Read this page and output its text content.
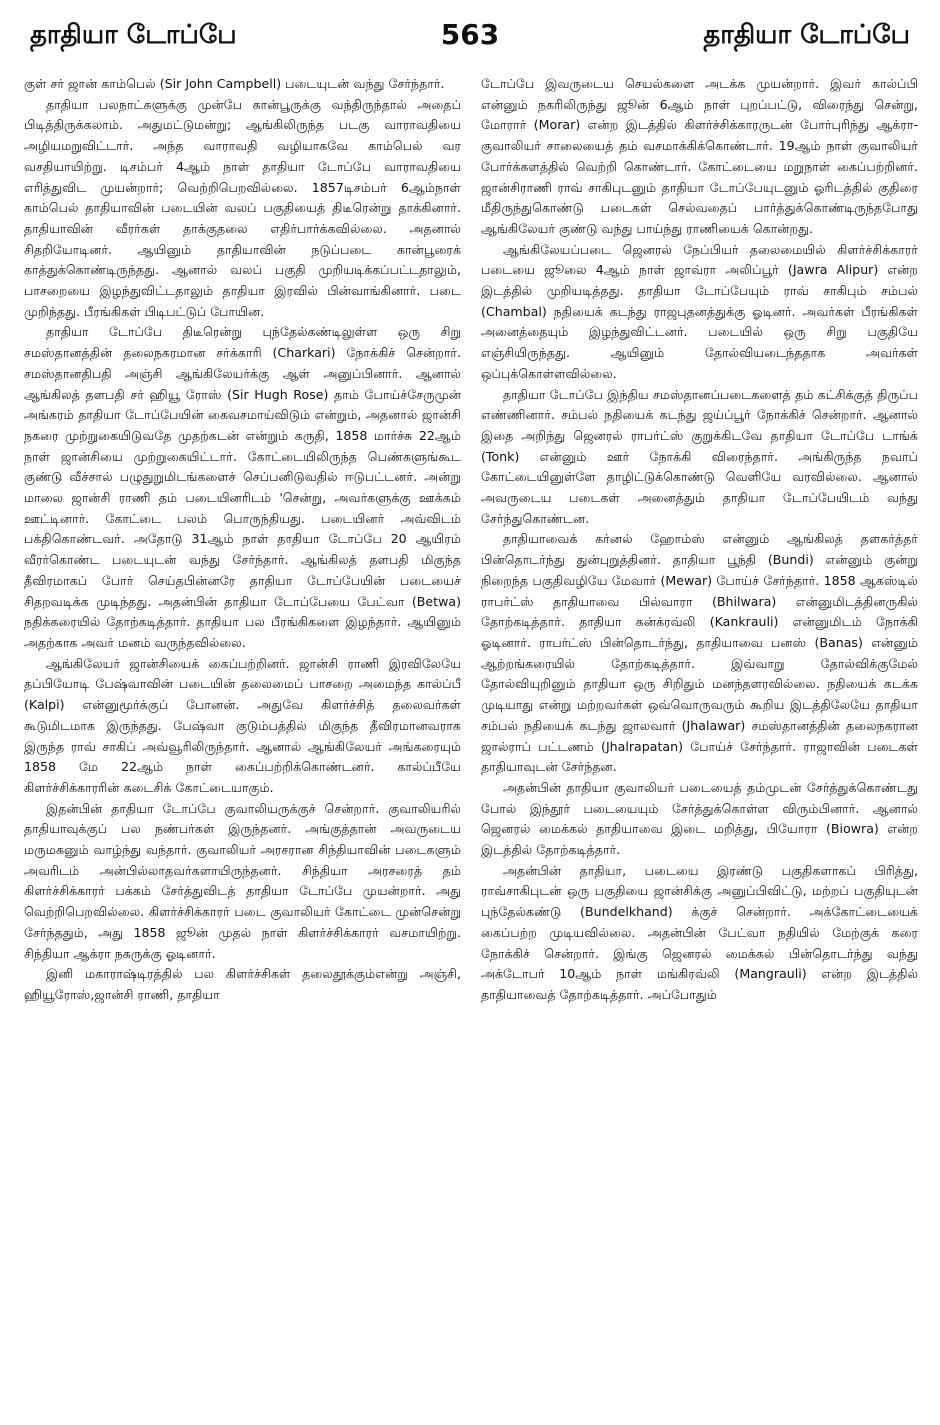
தாதியா டோப்பே	563	தாதியா டோப்பே

குள் சர் ஜான் காம்பெல் (Sir John Campbell) படையுடன் வந்து சேர்ந்தார்.

தாதியா பலநாட்களுக்கு முன்பே கான்பூருக்கு வந்திருந்தால் அதைப் பிடித்திருக்கலாம். அதுமட்டுமன்று; ஆங்கிலிருந்த படகு வாராவதியை அழியமறுவிட்டார். அந்த வாராவதி வழியாகவே காம்பெல் வர வசதியாயிற்று. டிசம்பர் 4ஆம் நாள் தாதியா டோப்பே வாராவதியை எரித்துவிட முயன்றார்; வெற்றிபெறவில்லை. 1857டிசம்பர் 6ஆம்நாள் காம்பெல் தாதியாவின் படையின் வலப் பகுதியைத் திடீரென்று தாக்கினார். தாதியாவின் வீரர்கள் தாக்குதலை எதிர்பார்க்கவில்லை. அதனால் சிதறியோடினர். ஆயினும் தாதியாவின் நடுப்படை கான்பூரைக் காத்துக்கொண்டிருந்தது. ஆனால் வலப் பகுதி முறியடிக்கப்பட்டதாலும், பாசறையை இழந்துவிட்டதாலும் தாதியா இரவில் பின்வாங்கினார். படை முறிந்தது. பீரங்கிகள் பிடிபட்டுப் போயின.

தாதியா டோப்பே திடீரென்று புந்தேல்கண்டிலுள்ள ஒரு சிறு சமஸ்தானத்தின் தலைநகரமான சர்க்காரி (Charkari) நோக்கிச் சென்றார். சமஸ்தானதிபதி அஞ்சி ஆங்கிலேயர்க்கு ஆள் அனுப்பினார். ஆனால் ஆங்கிலத் தளபதி சர் ஹியூ ரோஸ் (Sir Hugh Rose) தாம் போய்ச்சேருமுன் அங்கரம் தாதியா டோப்பேயின் கைவசமாய்விடும் என்றும், அதனால் ஜான்சி நகரை முற்றுகையிடுவதே முதற்கடன் என்றும் கருதி, 1858 மார்ச்சு 22ஆம் நாள் ஜான்சியை முற்றுகையிட்டார். கோட்டையிலிருந்த பெண்களுங்கூட குண்டு வீச்சால் பழுதுறுமிடங்களைச் செப்பனிடுவதில் ஈடுபட்டனர். அன்று மாலை ஜான்சி ராணி தம் படையினரிடம் 'சென்று, அவர்களுக்கு ஊக்கம் ஊட்டினார். கோட்டை பலம் பொருந்தியது. படையினர் அவ்விடம் பக்திகொண்டவர். அதோடு 31ஆம் நாள் தாதியா டோப்பே 20 ஆயிரம் வீரர்கொண்ட படையுடன் வந்து சேர்ந்தார். ஆங்கிலத் தளபதி மிகுந்த தீவிரமாகப் போர் செய்தபின்னரே தாதியா டோப்பேயின் படையைச் சிதறவடிக்க முடிந்தது. அதன்பின் தாதியா டோப்பேயை பேட்வா (Betwa) நதிக்கரையில் தோற்கடித்தார். தாதியா பல பீரங்கிகளை இழந்தார். ஆயினும் அதற்காக அவர் மனம் வருந்தவில்லை.

ஆங்கிலேயர் ஜான்சியைக் கைப்பற்றினர். ஜான்சி ராணி இரவிலேயே தப்பியோடி பேஷ்வாவின் படையின் தலைமைப் பாசறை அமைந்த கால்ப்பீ (Kalpi) என்னுமூர்க்குப் போனன். அதுவே கிளர்ச்சித் தலைவர்கள் கூடுமிடமாக இருந்தது. பேஷ்வா குடும்பத்தில் மிகுந்த தீவிரமானவராக இருந்த ராவ் சாகிப் அவ்வூரிலிருந்தார். ஆனால் ஆங்கிலேயர் அங்கரையும் 1858 மே 22ஆம் நாள் கைப்பற்றிக்கொண்டனர். கால்ப்பீயே கிளர்ச்சிக்காரரின் கடைசிக் கோட்டையாகும்.

இதன்பின் தாதியா டோப்பே குவாலியருக்குச் சென்றார். குவாலியரில் தாதியாவுக்குப் பல நண்பர்கள் இருந்தனர். அங்குத்தான் அவருடைய மருமகனும் வாழ்ந்து வந்தார். குவாலியர் அரசரான சிந்தியாவின் படைகளும் அவரிடம் அன்பில்லாதவர்களாயிருந்தனர். சிந்தியா அரசரைத் தம் கிளர்ச்சிக்காரர் பக்கம் சேர்த்துவிடத் தாதியா டோப்பே முயன்றார். அது வெற்றிபெறவில்லை. கிளர்ச்சிக்காரர் படை குவாலியர் கோட்டை முன்சென்று சேர்ந்ததும், அது 1858 ஜூன் முதல் நாள் கிளர்ச்சிக்காரர் வசமாயிற்று. சிந்தியா ஆக்ரா நகருக்கு ஓடினார்.

இனி மகாராஷ்டிரத்தில் பல கிளர்ச்சிகள் தலைதூக்கும்என்று அஞ்சி, ஹியூரோஸ்,ஜான்சி ராணி, தாதியா

டோப்பே இவருடைய செயல்களை அடக்க முயன்றார். இவர் கால்ப்பி என்னும் நகரிலிருந்து ஜூன் 6ஆம் நாள் புறப்பட்டு, விரைந்து சென்று, மோரார் (Morar) என்ற இடத்தில் கிளர்ச்சிக்காரருடன் போர்புரிந்து ஆக்ரா-குவாலியர் சாலையைத் தம் வசமாக்கிக்கொண்டார். 19ஆம் நாள் குவாலியர் போர்க்களத்தில் வெற்றி கொண்டார். கோட்டையை மறுநாள் கைப்பற்றினர். ஜான்சிராணி ராவ் சாகிபுடனும் தாதியா டோப்பேயுடனும் ஓரிடத்தில் குதிரை மீதிருந்துகொண்டு படைகள் செல்வதைப் பார்த்துக்கொண்டிருந்தபோது ஆங்கிலேயர் குண்டு வந்து பாய்ந்து ராணியைக் கொன்றது.

ஆங்கிலேயப்படை ஜெனரல் நேப்பியர் தலைமையில் கிளர்ச்சிக்காரர் படையை ஜூலை 4ஆம் நாள் ஜாவ்ரா அலிப்பூர் (Jawra Alipur) என்ற இடத்தில் முறியடித்தது. தாதியா டோப்பேயும் ராவ் சாகிபும் சம்பல் (Chambal) நதியைக் கடந்து ராஜபுதனத்துக்கு ஓடினர். அவர்கள் பீரங்கிகள் அனைத்தையும் இழந்துவிட்டனர். படையில் ஒரு சிறு பகுதியே எஞ்சியிருந்தது. ஆயினும் தோல்வியடைந்ததாக அவர்கள் ஒப்புக்கொள்ளவில்லை.

தாதியா டோப்பே இந்திய சமஸ்தானப்படைகளைத் தம் கட்சிக்குத் திருப்ப எண்ணினார். சம்பல் நதியைக் கடந்து ஜய்ப்பூர் நோக்கிச் சென்றார். ஆனால் இதை அறிந்து ஜெனரல் ராபர்ட்ஸ் குறுக்கிடவே தாதியா டோப்பே டாங்க் (Tonk) என்னும் ஊர் நோக்கி விரைந்தார். அங்கிருந்த நவாப் கோட்டையினுள்ளே தாழிட்டுக்கொண்டு வெளியே வரவில்லை. ஆனால் அவருடைய படைகள் அனைத்தும் தாதியா டோப்பேயிடம் வந்து சேர்ந்துகொண்டன.

தாதியாவைக் கர்னல் ஹோம்ஸ் என்னும் ஆங்கிலத் தளகர்த்தர் பின்தொடர்ந்து துன்புறுத்தினர். தாதியா பூந்தி (Bundi) என்னும் குன்று நிறைந்த பகுதிவழியே மேவார் (Mewar) போய்ச் சேர்ந்தார். 1858 ஆகஸ்டில் ராபர்ட்ஸ் தாதியாவை பில்வாரா (Bhilwara) என்னுமிடத்தினருகில் தோற்கடித்தார். தாதியா கன்க்ரவ்லி (Kankrauli) என்னுமிடம் நோக்கி ஓடினார். ராபர்ட்ஸ் பின்தொடர்ந்து, தாதியாவை பனஸ் (Banas) என்னும் ஆற்றங்கரையில் தோற்கடித்தார். இவ்வாறு தோல்விக்குமேல் தோல்வியுறினும் தாதியா ஒரு சிறிதும் மனந்தளரவில்லை. நதியைக் கடக்க முடியாது என்று மற்றவர்கள் ஒவ்வொருவரும் கூறிய இடத்திலேயே தாதியா சம்பல் நதியைக் கடந்து ஜாலவார் (Jhalawar) சமஸ்தானத்தின் தலைநகரான ஜால்ராப் பட்டணம் (Jhalrapatan) போய்ச் சேர்ந்தார். ராஜாவின் படைகள் தாதியாவுடன் சேர்ந்தன.

அதன்பின் தாதியா குவாலியர் படையைத் தம்முடன் சேர்த்துக்கொண்டது போல் இந்தூர் படையையும் சேர்த்துக்கொள்ள விரும்பினார். ஆனால் ஜெனரல் மைக்கல் தாதியாவை இடை மறித்து, பியோரா (Biowra) என்ற இடத்தில் தோற்கடித்தார்.

அதன்பின் தாதியா, படையை இரண்டு பகுதிகளாகப் பிரித்து, ராவ்சாகிபுடன் ஒரு பகுதியை ஜான்சிக்கு அனுப்பிவிட்டு, மற்றப் பகுதியுடன் புந்தேல்கண்டு (Bundelkhand) க்குச் சென்றார். அக்கோட்டையைக் கைப்பற்ற முடியவில்லை. அதன்பின் பேட்வா நதியில் மேற்குக் கரை நோக்கிச் சென்றார். இங்கு ஜெனரல் மைக்கல் பின்தொடர்ந்து வந்து அக்டோபர் 10ஆம் நாள் மங்கிரவ்லி (Mangrauli) என்ற இடத்தில் தாதியாவைத் தோற்கடித்தார். அப்போதும்
